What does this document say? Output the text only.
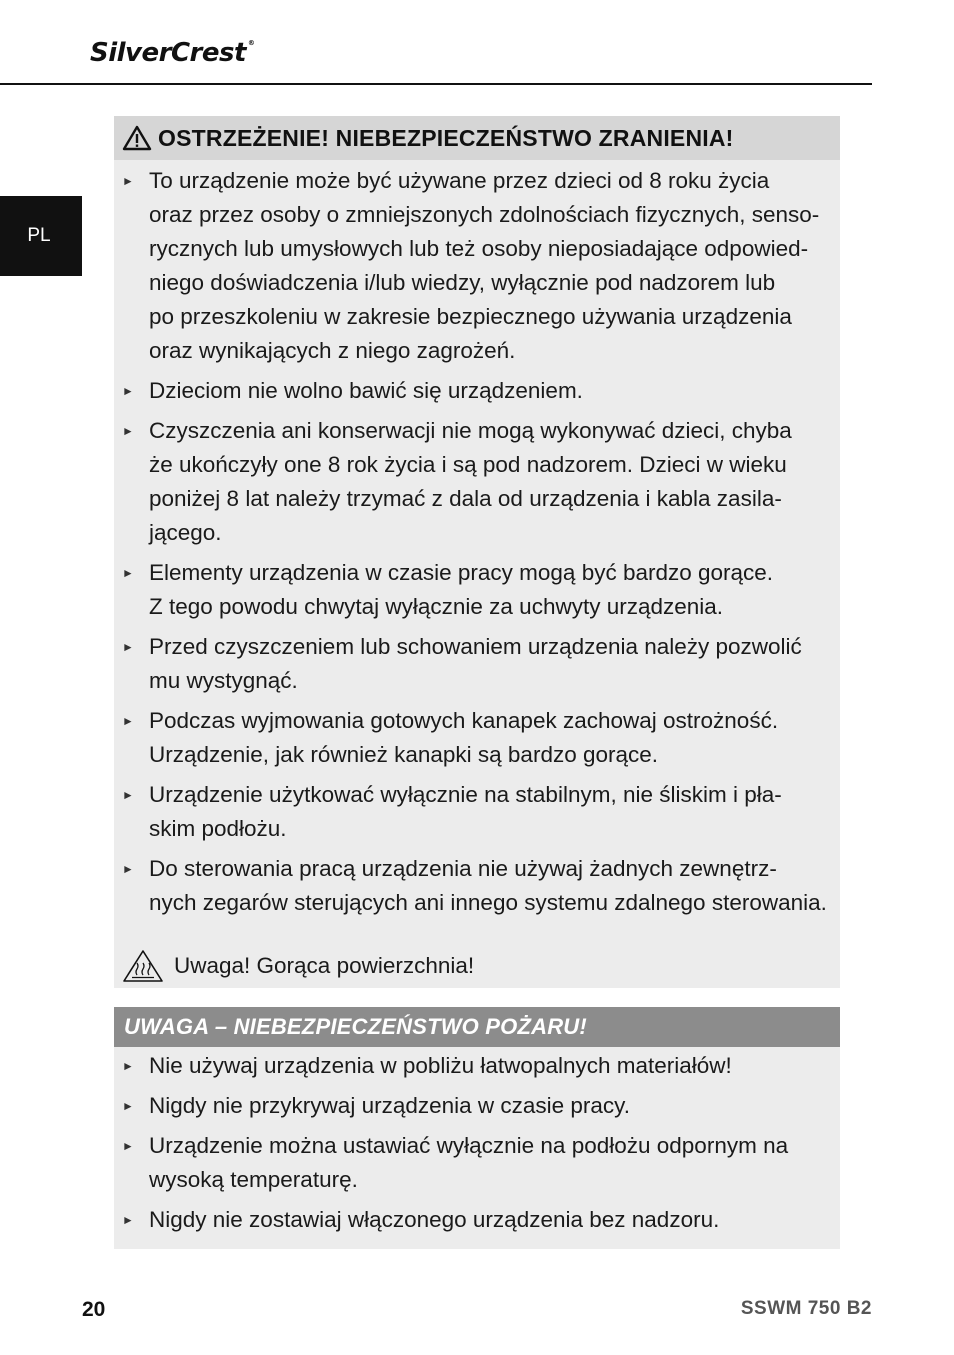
SilverCrest ®
PL
OSTRZEŻENIE! NIEBEZPIECZEŃSTWO ZRANIENIA!
► To urządzenie może być używane przez dzieci od 8 roku życia
oraz przez osoby o zmniejszonych zdolnościach fizycznych, senso-
rycznych lub umysłowych lub też osoby nieposiadające odpowied-
niego doświadczenia i/lub wiedzy, wyłącznie pod nadzorem lub
po przeszkoleniu w zakresie bezpiecznego używania urządzenia
oraz wynikających z niego zagrożeń.
► Dzieciom nie wolno bawić się urządzeniem.
► Czyszczenia ani konserwacji nie mogą wykonywać dzieci, chyba
że ukończyły one 8 rok życia i są pod nadzorem. Dzieci w wieku
poniżej 8 lat należy trzymać z dala od urządzenia i kabla zasila-
jącego.
► Elementy urządzenia w czasie pracy mogą być bardzo gorące.
Z tego powodu chwytaj wyłącznie za uchwyty urządzenia.
► Przed czyszczeniem lub schowaniem urządzenia należy pozwolić
mu wystygnąć.
► Podczas wyjmowania gotowych kanapek zachowaj ostrożność.
Urządzenie, jak również kanapki są bardzo gorące.
► Urządzenie użytkować wyłącznie na stabilnym, nie śliskim i pła-
skim podłożu.
► Do sterowania pracą urządzenia nie używaj żadnych zewnętrz-
nych zegarów sterujących ani innego systemu zdalnego sterowania.
Uwaga! Gorąca powierzchnia!
UWAGA – NIEBEZPIECZEŃSTWO POŻARU!
► Nie używaj urządzenia w pobliżu łatwopalnych materiałów!
► Nigdy nie przykrywaj urządzenia w czasie pracy.
► Urządzenie można ustawiać wyłącznie na podłożu odpornym na
wysoką temperaturę.
► Nigdy nie zostawiaj włączonego urządzenia bez nadzoru.
20	SSWM 750 B2
